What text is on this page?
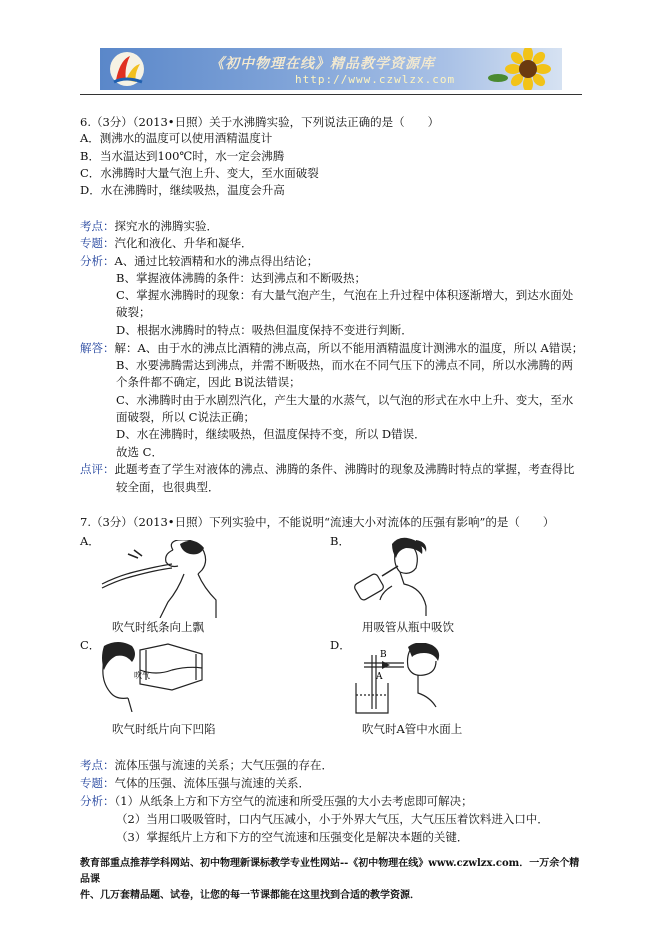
《初中物理在线》精品教学资源库
http://www.czwlzx.com
6.（3分）（2013•日照）关于水沸腾实验，下列说法正确的是（　　）
A．测沸水的温度可以使用酒精温度计
B．当水温达到100℃时，水一定会沸腾
C．水沸腾时大量气泡上升、变大，至水面破裂
D．水在沸腾时，继续吸热，温度会升高
考点：探究水的沸腾实验．
专题：汽化和液化、升华和凝华．
分析：A、通过比较酒精和水的沸点得出结论；
B、掌握液体沸腾的条件：达到沸点和不断吸热；
C、掌握水沸腾时的现象：有大量气泡产生，气泡在上升过程中体积逐渐增大，到达水面处
破裂；
D、根据水沸腾时的特点：吸热但温度保持不变进行判断．
解答：解：A、由于水的沸点比酒精的沸点高，所以不能用酒精温度计测沸水的温度，所以 A错误；
B、水要沸腾需达到沸点，并需不断吸热，而水在不同气压下的沸点不同，所以水沸腾的两
个条件都不确定，因此 B说法错误；
C、水沸腾时由于水剧烈汽化，产生大量的水蒸气，以气泡的形式在水中上升、变大，至水
面破裂，所以 C说法正确；
D、水在沸腾时，继续吸热，但温度保持不变，所以 D错误．
故选 C．
点评：此题考查了学生对液体的沸点、沸腾的条件、沸腾时的现象及沸腾时特点的掌握，考查得比
较全面，也很典型．
7.（3分）（2013•日照）下列实验中，不能说明“流速大小对流体的压强有影响”的是（　　）
A．	B．
吹气时纸条向上飘	用吸管从瓶中吸饮
C．	D．
吹气
吹气时纸片向下凹陷
B
A
吹气时A管中水面上
考点：流体压强与流速的关系；大气压强的存在．
专题：气体的压强、流体压强与流速的关系．
分析：（1）从纸条上方和下方空气的流速和所受压强的大小去考虑即可解决；
（2）当用口吸吸管时，口内气压减小，小于外界大气压，大气压压着饮料进入口中．
（3）掌握纸片上方和下方的空气流速和压强变化是解决本题的关键．
教育部重点推荐学科网站、初中物理新课标教学专业性网站--《初中物理在线》www.czwlzx.com．一万余个精品课
件、几万套精品题、试卷，让您的每一节课都能在这里找到合适的教学资源．
